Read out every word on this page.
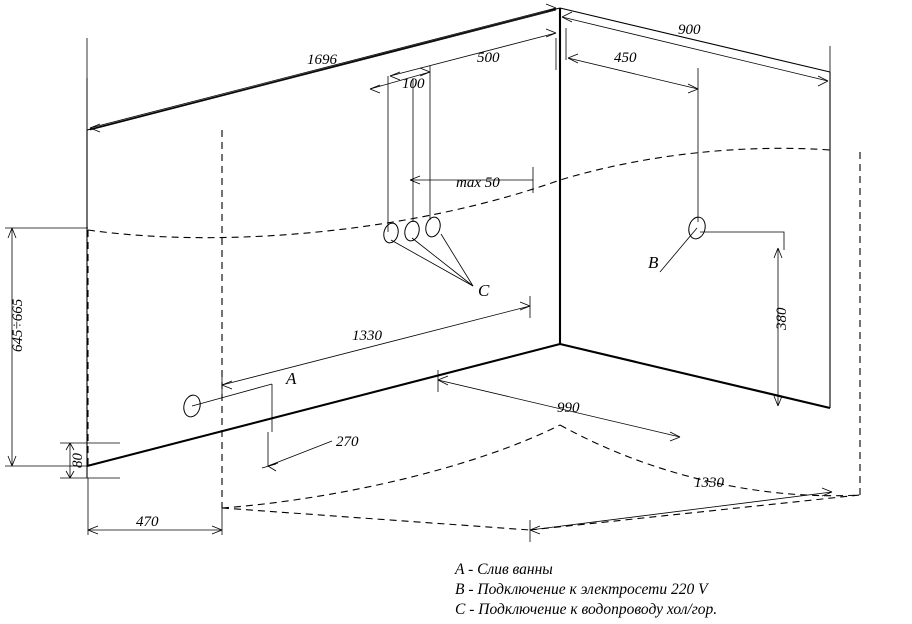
1696
900
500
100
450
max 50
1330
990
1330
380
645÷665
80
470
270
A
B
C
A - Слив ванны
B - Подключение к электросети 220 V
C - Подключение к водопроводу хол/гор.
